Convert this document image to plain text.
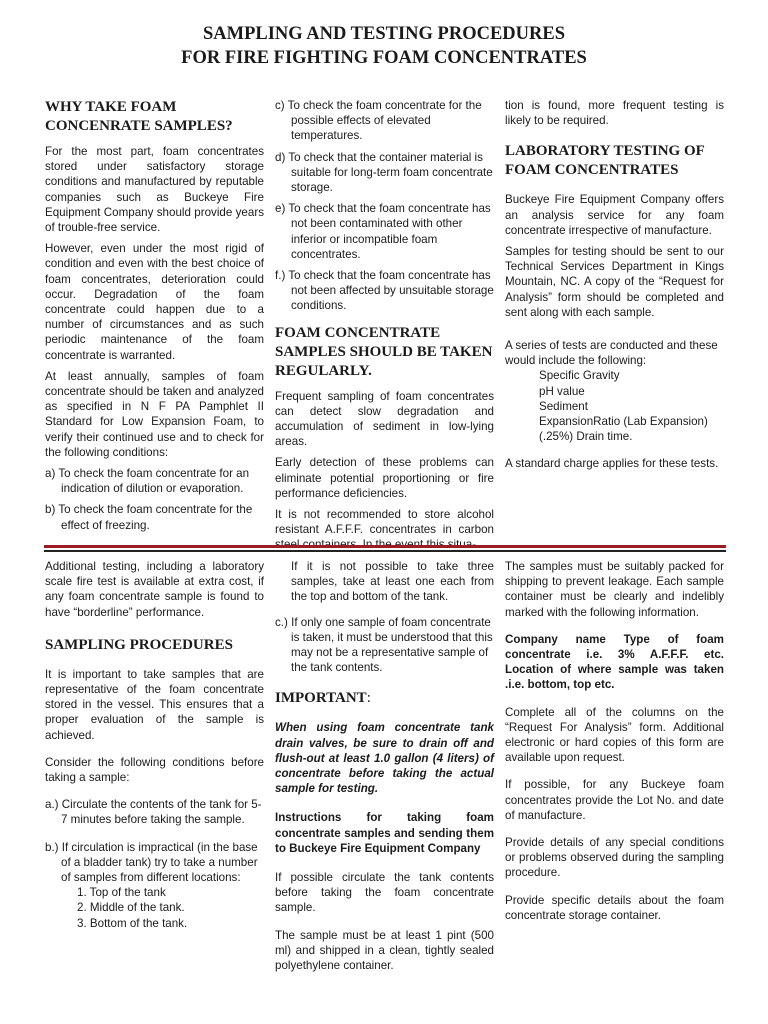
SAMPLING AND TESTING PROCEDURES
FOR FIRE FIGHTING FOAM CONCENTRATES
WHY TAKE FOAM
CONCENRATE SAMPLES?

For the most part, foam concentrates stored under satisfactory storage conditions and manufactured by reputable companies such as Buckeye Fire Equipment Company should provide years of trouble-free service.

However, even under the most rigid of condition and even with the best choice of foam concentrates, deterioration could occur. Degradation of the foam concentrate could happen due to a number of circumstances and as such periodic maintenance of the foam concentrate is warranted.

At least annually, samples of foam concentrate should be taken and analyzed as specified in N F PA Pamphlet II Standard for Low Expansion Foam, to verify their continued use and to check for the following conditions:

a) To check the foam concentrate for an indication of dilution or evaporation.

b) To check the foam concentrate for the effect of freezing.

c) To check the foam concentrate for the possible effects of elevated temperatures.

d) To check that the container material is suitable for long-term foam concentrate storage.

e) To check that the foam concentrate has not been contaminated with other inferior or incompatible foam concentrates.

f.) To check that the foam concentrate has not been affected by unsuitable storage conditions.

FOAM CONCENTRATE
SAMPLES SHOULD BE TAKEN
REGULARLY.

Frequent sampling of foam concentrates can detect slow degradation and accumulation of sediment in low-lying areas.

Early detection of these problems can eliminate potential proportioning or fire performance deficiencies.

It is not recommended to store alcohol resistant A.F.F.F. concentrates in carbon

tion is found, more frequent testing is likely to be required.

LABORATORY TESTING OF
FOAM CONCENTRATES

Buckeye Fire Equipment Company offers an analysis service for any foam concentrate irrespective of manufacture.

Samples for testing should be sent to our Technical Services Department in Kings Mountain, NC. A copy of the “Request for Analysis” form should be completed and sent along with each sample.

A series of tests are conducted and these would include the following:

Specific Gravity
pH value
Sediment
ExpansionRatio (Lab Expansion)
(.25%) Drain time.

A standard charge applies for these tests.

Additional testing, including a laboratory scale fire test is available at extra cost, if any foam concentrate sample is found to have “borderline” performance.

SAMPLING PROCEDURES

It is important to take samples that are representative of the foam concentrate stored in the vessel. This ensures that a proper evaluation of the sample is achieved.

Consider the following conditions before taking a sample:

a.) Circulate the contents of the tank for 5-7 minutes before taking the sample.

b.) If circulation is impractical (in the base of a bladder tank) try to take a number of samples from different locations:

1. Top of the tank
2. Middle of the tank.
3. Bottom of the tank.

If it is not possible to take three samples, take at least one each from the top and bottom of the tank.

c.) If only one sample of foam concentrate is taken, it must be understood that this may not be a representative sample of the tank contents.

IMPORTANT:

When using foam concentrate tank drain valves, be sure to drain off and flush-out at least 1.0 gallon (4 liters) of concentrate before taking the actual sample for testing.

Instructions for taking foam concentrate samples and sending them to Buckeye Fire Equipment Company

If possible circulate the tank contents before taking the foam concentrate sample.

The sample must be at least 1 pint (500 ml) and shipped in a clean, tightly sealed polyethylene container.

The samples must be suitably packed for shipping to prevent leakage. Each sample container must be clearly and indelibly marked with the following information.

Company name Type of foam concentrate i.e. 3% A.F.F.F. etc. Location of where sample was taken .i.e. bottom, top etc.

Complete all of the columns on the “Request For Analysis” form. Additional electronic or hard copies of this form are available upon request.

If possible, for any Buckeye foam concentrates provide the Lot No. and date of manufacture.

Provide details of any special conditions or problems observed during the sampling procedure.

Provide specific details about the foam concentrate storage container.
